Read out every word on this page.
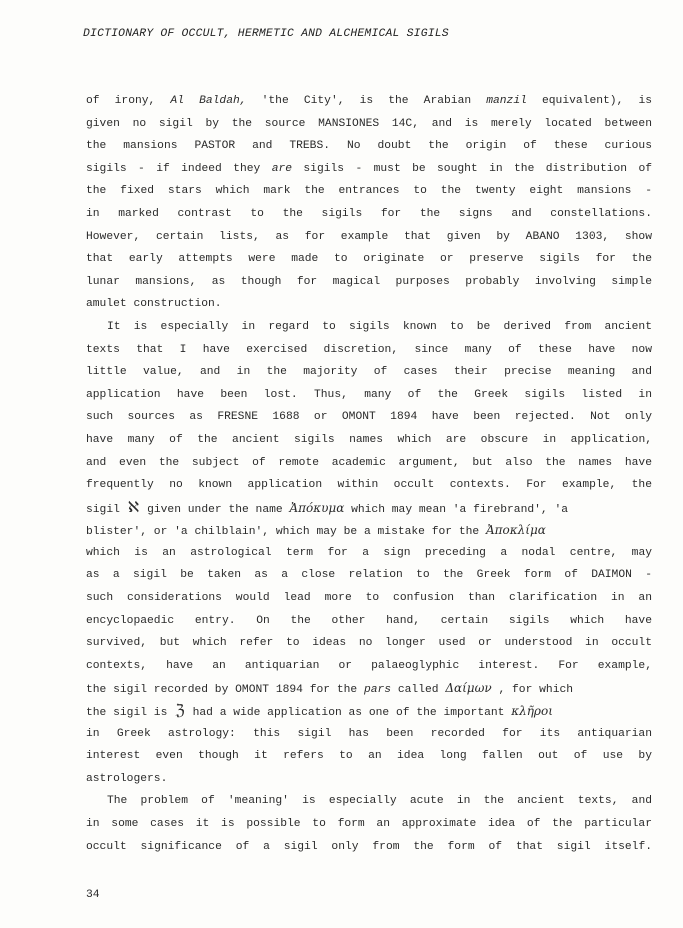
DICTIONARY OF OCCULT, HERMETIC AND ALCHEMICAL SIGILS
of irony, Al Baldah, 'the City', is the Arabian manzil equivalent), is
given no sigil by the source MANSIONES 14C, and is merely located between
the mansions PASTOR and TREBS. No doubt the origin of these curious
sigils - if indeed they are sigils - must be sought in the distribution of
the fixed stars which mark the entrances to the twenty eight mansions -
in marked contrast to the sigils for the signs and constellations.
However, certain lists, as for example that given by ABANO 1303, show
that early attempts were made to originate or preserve sigils for the
lunar mansions, as though for magical purposes probably involving simple
amulet construction.
It is especially in regard to sigils known to be derived from ancient
texts that I have exercised discretion, since many of these have now
little value, and in the majority of cases their precise meaning and
application have been lost. Thus, many of the Greek sigils listed in
such sources as FRESNE 1688 or OMONT 1894 have been rejected. Not only
have many of the ancient sigils names which are obscure in application,
and even the subject of remote academic argument, but also the names have
frequently no known application within occult contexts. For example, the
sigil ℵ given under the name Ἀπόκυμα which may mean 'a firebrand', 'a
blister', or 'a chilblain', which may be a mistake for the Ἀποκλίμα
which is an astrological term for a sign preceding a nodal centre, may
as a sigil be taken as a close relation to the Greek form of DAIMON -
such considerations would lead more to confusion than clarification in an
encyclopaedic entry. On the other hand, certain sigils which have
survived, but which refer to ideas no longer used or understood in occult
contexts, have an antiquarian or palaeoglyphic interest. For example,
the sigil recorded by OMONT 1894 for the pars called Δαίμων , for which
the sigil is ℨ had a wide application as one of the important κλῆροι
in Greek astrology: this sigil has been recorded for its antiquarian
interest even though it refers to an idea long fallen out of use by
astrologers.
The problem of 'meaning' is especially acute in the ancient texts, and
in some cases it is possible to form an approximate idea of the particular
occult significance of a sigil only from the form of that sigil itself.
34
